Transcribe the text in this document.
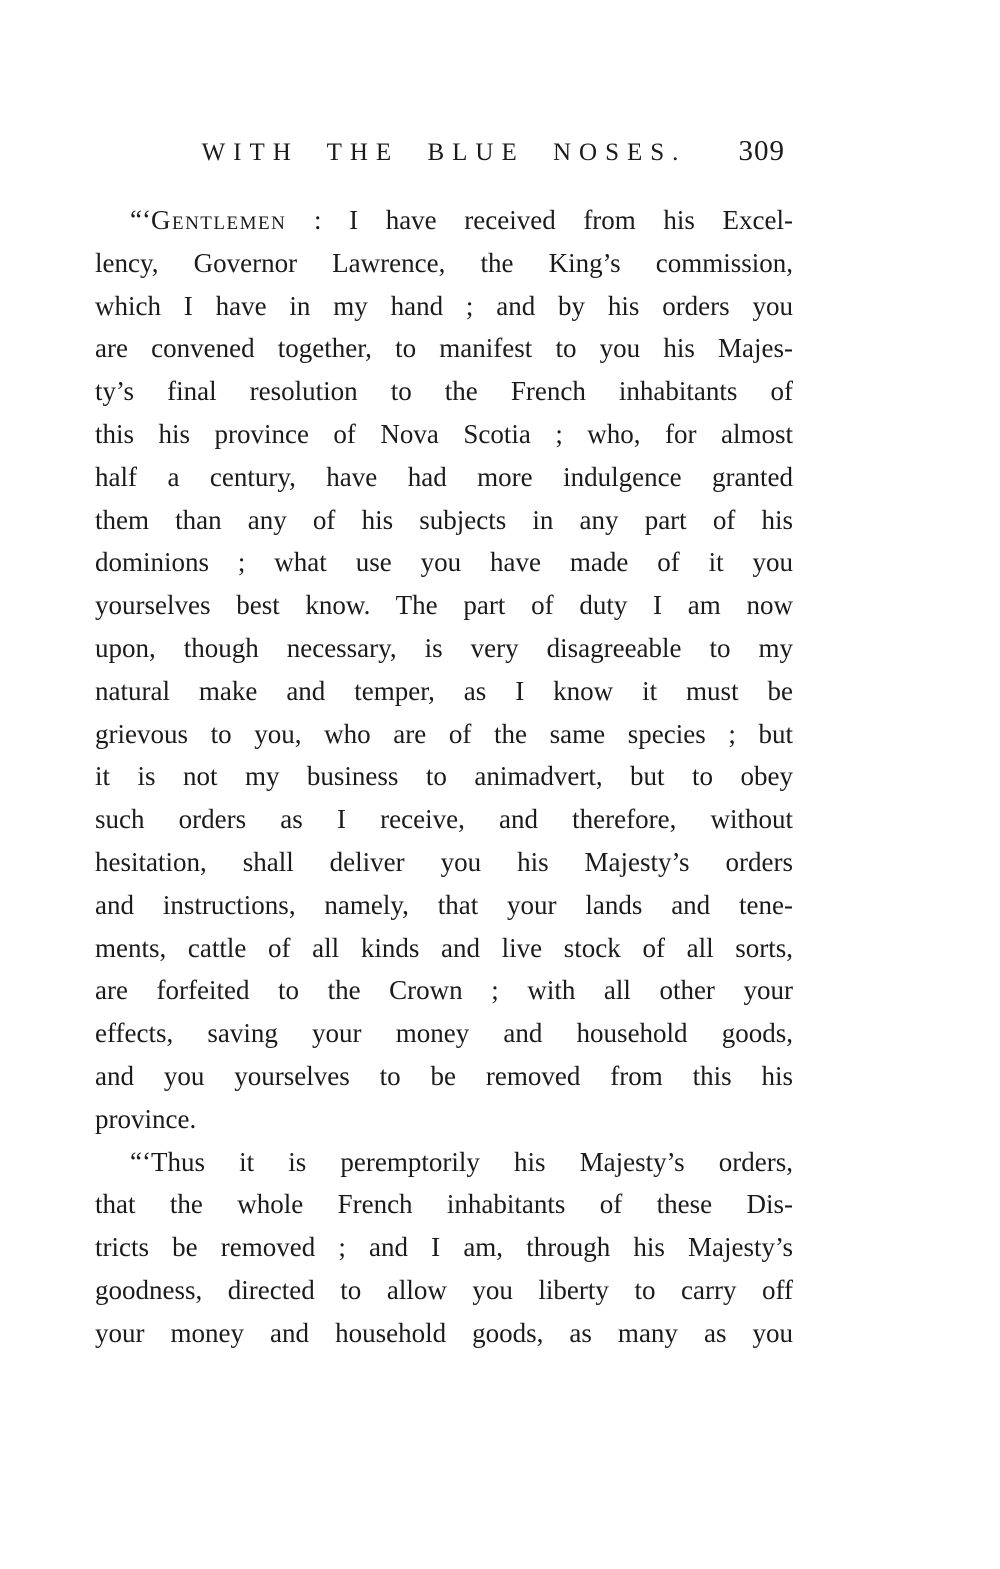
WITH THE BLUE NOSES.	309
“‘Gentlemen : I have received from his Excel-
lency, Governor Lawrence, the King’s commission,
which I have in my hand ; and by his orders you
are convened together, to manifest to you his Majes-
ty’s final resolution to the French inhabitants of
this his province of Nova Scotia ; who, for almost
half a century, have had more indulgence granted
them than any of his subjects in any part of his
dominions ; what use you have made of it you
yourselves best know. The part of duty I am now
upon, though necessary, is very disagreeable to my
natural make and temper, as I know it must be
grievous to you, who are of the same species ; but
it is not my business to animadvert, but to obey
such orders as I receive, and therefore, without
hesitation, shall deliver you his Majesty’s orders
and instructions, namely, that your lands and tene-
ments, cattle of all kinds and live stock of all sorts,
are forfeited to the Crown ; with all other your
effects, saving your money and household goods,
and you yourselves to be removed from this his
province.
“‘Thus it is peremptorily his Majesty’s orders,
that the whole French inhabitants of these Dis-
tricts be removed ; and I am, through his Majesty’s
goodness, directed to allow you liberty to carry off
your money and household goods, as many as you
